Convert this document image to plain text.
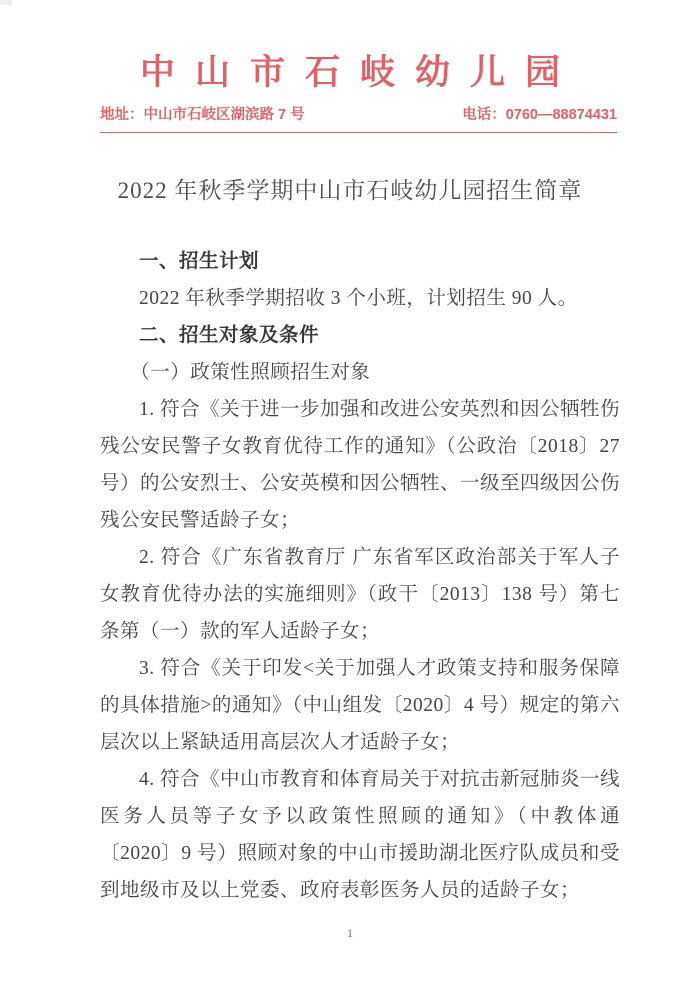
中山市石岐幼儿园
地址：中山市石岐区湖滨路 7 号	电话：0760—88874431
2022 年秋季学期中山市石岐幼儿园招生简章
一、招生计划
2022 年秋季学期招收 3 个小班，计划招生 90 人。
二、招生对象及条件
（一）政策性照顾招生对象
1. 符合《关于进一步加强和改进公安英烈和因公牺牲伤残公安民警子女教育优待工作的通知》（公政治〔2018〕27 号）的公安烈士、公安英模和因公牺牲、一级至四级因公伤残公安民警适龄子女；
2. 符合《广东省教育厅 广东省军区政治部关于军人子女教育优待办法的实施细则》（政干〔2013〕138 号）第七条第（一）款的军人适龄子女；
3. 符合《关于印发<关于加强人才政策支持和服务保障的具体措施>的通知》（中山组发〔2020〕4 号）规定的第六层次以上紧缺适用高层次人才适龄子女；
4. 符合《中山市教育和体育局关于对抗击新冠肺炎一线医务人员等子女予以政策性照顾的通知》（中教体通〔2020〕9 号）照顾对象的中山市援助湖北医疗队成员和受到地级市及以上党委、政府表彰医务人员的适龄子女；
1
